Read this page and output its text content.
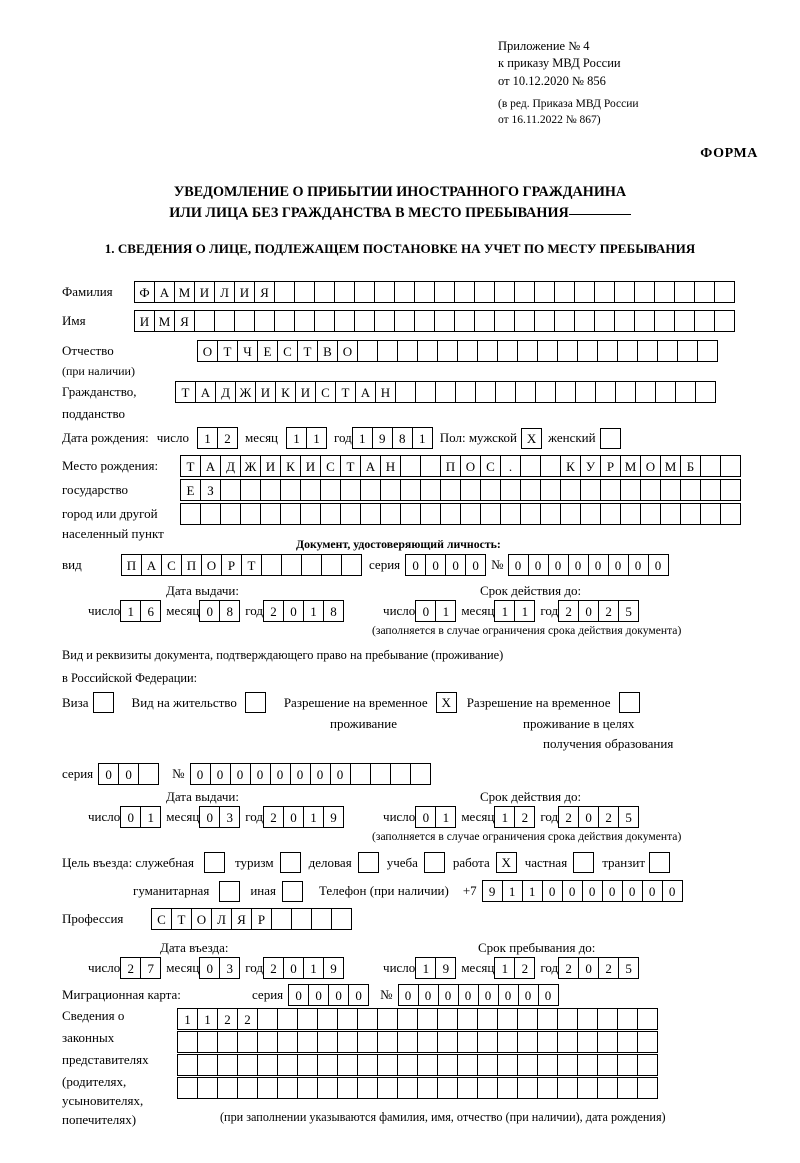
Приложение № 4
к приказу МВД России
от 10.12.2020 № 856
(в ред. Приказа МВД России
от 16.11.2022 № 867)
ФОРМА
УВЕДОМЛЕНИЕ О ПРИБЫТИИ ИНОСТРАННОГО ГРАЖДАНИНА
ИЛИ ЛИЦА БЕЗ ГРАЖДАНСТВА В МЕСТО ПРЕБЫВАНИЯ
1. СВЕДЕНИЯ О ЛИЦЕ, ПОДЛЕЖАЩЕМ ПОСТАНОВКЕ НА УЧЕТ ПО МЕСТУ ПРЕБЫВАНИЯ
Фамилия	Ф А М И Л И Я
Имя	И М Я
Отчество	О Т Ч Е С Т В О
(при наличии)
Гражданство,	Т А Д Ж И К И С Т А Н
подданство
Дата рождения: число	1	2	месяц	1	1	год 1	9	8	1	Пол: мужской X женский
Место рождения:	Т А Д Ж И К И С Т А Н	П О С	.	К У Р М О М Б
государство	Е З
город или другой
населенный пункт
Документ, удостоверяющий личность:
вид	П А С П О Р Т	серия 0	0	0	0 № 0	0	0	0	0	0	0	0
Дата выдачи:	Срок действия до:
число 1	6 месяц 0	8 год 2	0	1	8	число 0	1 месяц 1	1 год 2	0	2	5
(заполняется в случае ограничения срока действия документа)
Вид и реквизиты документа, подтверждающего право на пребывание (проживание)
в Российской Федерации:
Виза	Вид на жительство	Разрешение на временное	X	Разрешение на временное
проживание	проживание в целях
получения образования
серия 0	0	№ 0	0	0	0	0	0	0	0
Дата выдачи:	Срок действия до:
число 0	1 месяц 0	3 год 2	0	1	9	число 0	1 месяц 1	2 год 2	0	2	5
(заполняется в случае ограничения срока действия документа)
Цель въезда: служебная	туризм	деловая	учеба	работа X	частная	транзит
гуманитарная	иная	Телефон (при наличии) +7 9	1	1	0	0	0	0	0	0	0
Профессия	С Т О Л Я Р
Дата въезда:	Срок пребывания до:
число 2	7 месяц 0	3 год 2	0	1	9	число 1	9 месяц 1	2 год 2	0	2	5
Миграционная карта:	серия 0	0	0	0	№ 0	0	0	0	0	0	0	0
Сведения о
законных
представителях
(родителях,
усыновителях,
попечителях)
1	1	2	2
(при заполнении указываются фамилия, имя, отчество (при наличии), дата рождения)
